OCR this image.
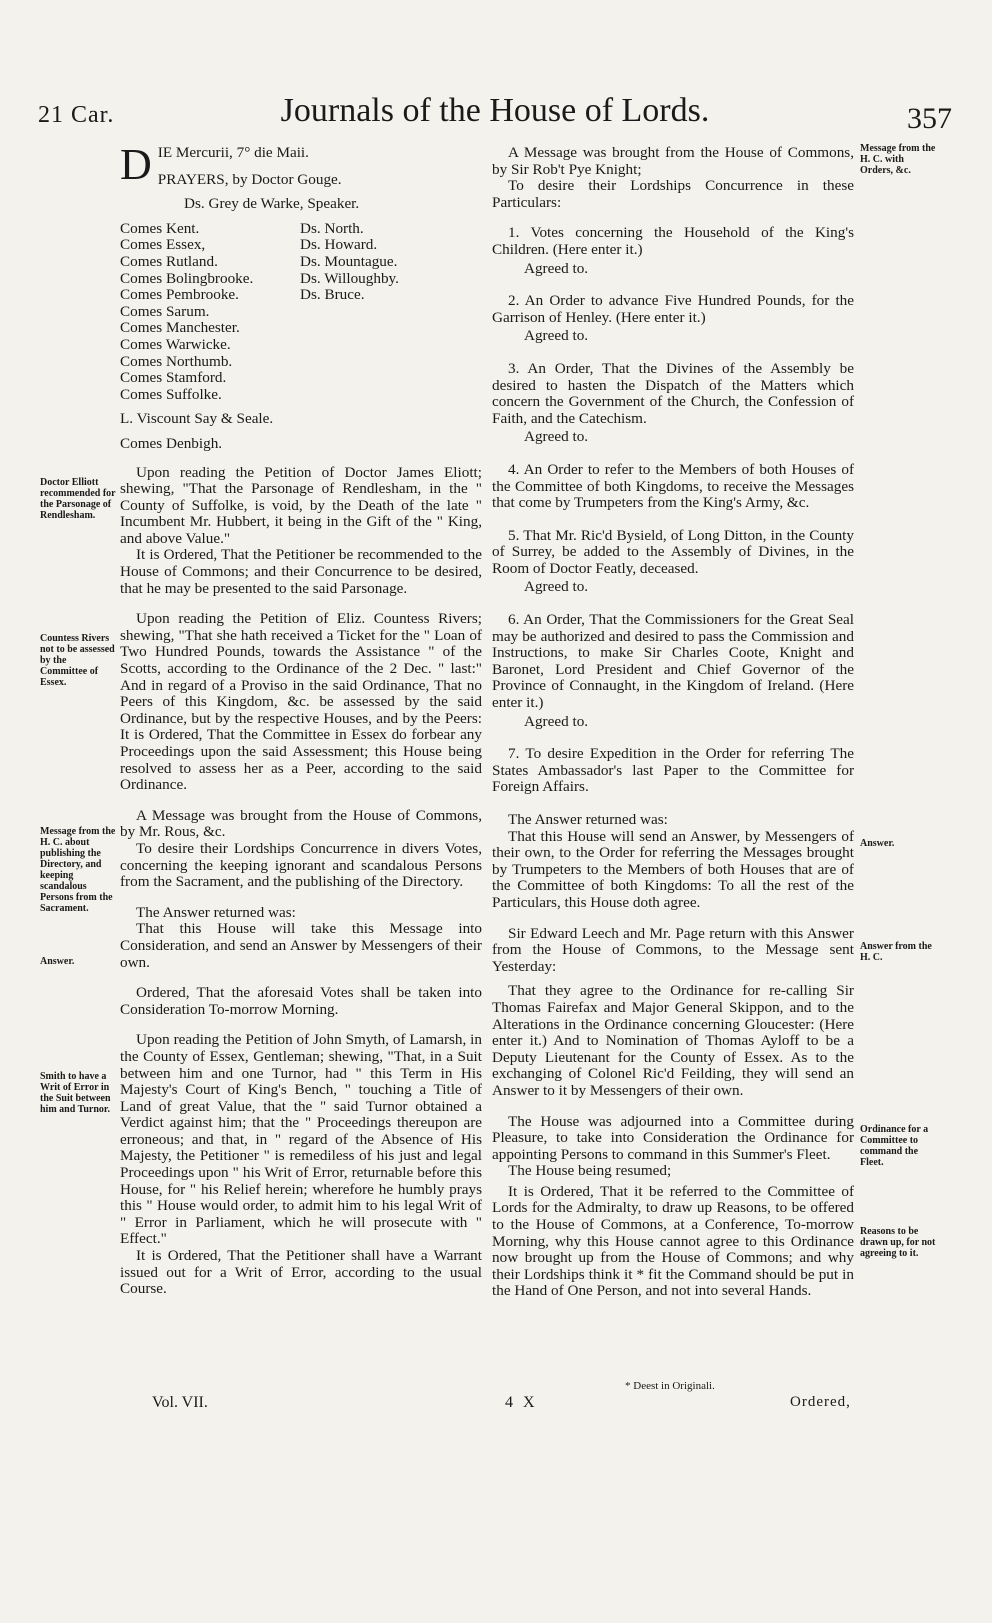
21 Car.	Journals of the House of Lords.	357
Doctor Elliott recommended for the Parsonage of Rendlesham.
Countess Rivers not to be assessed by the Committee of Essex.
Message from the H. C. about publishing the Directory, and keeping scandalous Persons from the Sacrament.
Answer.
Smith to have a Writ of Error in the Suit between him and Turnor.
Message from the H. C. with Orders, &c.
Answer.
Answer from the H. C.
Ordinance for a Committee to command the Fleet.
Reasons to be drawn up, for not agreeing to it.

D IE Mercurii, 7° die Maii.

PRAYERS, by Doctor Gouge.

Ds. Grey de Warke, Speaker.

Comes Kent.
Comes Essex,
Comes Rutland.
Comes Bolingbrooke.
Comes Pembrooke.
Comes Sarum.
Comes Manchester.
Comes Warwicke.
Comes Northumb.
Comes Stamford.
Comes Suffolke.
Ds. North.
Ds. Howard.
Ds. Mountague.
Ds. Willoughby.
Ds. Bruce.

L. Viscount Say & Seale.

Comes Denbigh.

Upon reading the Petition of Doctor James Eliott; shewing, "That the Parsonage of Rendlesham, in the " County of Suffolke, is void, by the Death of the late " Incumbent Mr. Hubbert, it being in the Gift of the " King, and above Value."

It is Ordered, That the Petitioner be recommended to the House of Commons; and their Concurrence to be desired, that he may be presented to the said Parsonage.

Upon reading the Petition of Eliz. Countess Rivers; shewing, "That she hath received a Ticket for the " Loan of Two Hundred Pounds, towards the Assistance " of the Scotts, according to the Ordinance of the 2 Dec. " last:" And in regard of a Proviso in the said Ordinance, That no Peers of this Kingdom, &c. be assessed by the said Ordinance, but by the respective Houses, and by the Peers: It is Ordered, That the Committee in Essex do forbear any Proceedings upon the said Assessment; this House being resolved to assess her as a Peer, according to the said Ordinance.

A Message was brought from the House of Commons, by Mr. Rous, &c.

To desire their Lordships Concurrence in divers Votes, concerning the keeping ignorant and scandalous Persons from the Sacrament, and the publishing of the Directory.

The Answer returned was:

That this House will take this Message into Consideration, and send an Answer by Messengers of their own.

Ordered, That the aforesaid Votes shall be taken into Consideration To-morrow Morning.

Upon reading the Petition of John Smyth, of Lamarsh, in the County of Essex, Gentleman; shewing, "That, in a Suit between him and one Turnor, had " this Term in His Majesty's Court of King's Bench, " touching a Title of Land of great Value, that the " said Turnor obtained a Verdict against him; that the " Proceedings thereupon are erroneous; and that, in " regard of the Absence of His Majesty, the Petitioner " is remediless of his just and legal Proceedings upon " his Writ of Error, returnable before this House, for " his Relief herein; wherefore he humbly prays this " House would order, to admit him to his legal Writ of " Error in Parliament, which he will prosecute with " Effect."

It is Ordered, That the Petitioner shall have a Warrant issued out for a Writ of Error, according to the usual Course.

A Message was brought from the House of Commons, by Sir Rob't Pye Knight;

To desire their Lordships Concurrence in these Particulars:

1. Votes concerning the Household of the King's Children. (Here enter it.)

Agreed to.

2. An Order to advance Five Hundred Pounds, for the Garrison of Henley. (Here enter it.)

Agreed to.

3. An Order, That the Divines of the Assembly be desired to hasten the Dispatch of the Matters which concern the Government of the Church, the Confession of Faith, and the Catechism.

Agreed to.

4. An Order to refer to the Members of both Houses of the Committee of both Kingdoms, to receive the Messages that come by Trumpeters from the King's Army, &c.

5. That Mr. Ric'd Bysield, of Long Ditton, in the County of Surrey, be added to the Assembly of Divines, in the Room of Doctor Featly, deceased.

Agreed to.

6. An Order, That the Commissioners for the Great Seal may be authorized and desired to pass the Commission and Instructions, to make Sir Charles Coote, Knight and Baronet, Lord President and Chief Governor of the Province of Connaught, in the Kingdom of Ireland. (Here enter it.)

Agreed to.

7. To desire Expedition in the Order for referring The States Ambassador's last Paper to the Committee for Foreign Affairs.

The Answer returned was:

That this House will send an Answer, by Messengers of their own, to the Order for referring the Messages brought by Trumpeters to the Members of both Houses that are of the Committee of both Kingdoms: To all the rest of the Particulars, this House doth agree.

Sir Edward Leech and Mr. Page return with this Answer from the House of Commons, to the Message sent Yesterday:

That they agree to the Ordinance for re-calling Sir Thomas Fairefax and Major General Skippon, and to the Alterations in the Ordinance concerning Gloucester: (Here enter it.) And to Nomination of Thomas Ayloff to be a Deputy Lieutenant for the County of Essex. As to the exchanging of Colonel Ric'd Feilding, they will send an Answer to it by Messengers of their own.

The House was adjourned into a Committee during Pleasure, to take into Consideration the Ordinance for appointing Persons to command in this Summer's Fleet.

The House being resumed;

It is Ordered, That it be referred to the Committee of Lords for the Admiralty, to draw up Reasons, to be offered to the House of Commons, at a Conference, To-morrow Morning, why this House cannot agree to this Ordinance now brought up from the House of Commons; and why their Lordships think it * fit the Command should be put in the Hand of One Person, and not into several Hands.

* Deest in Originali.
Vol. VII.	4 X	Ordered,
